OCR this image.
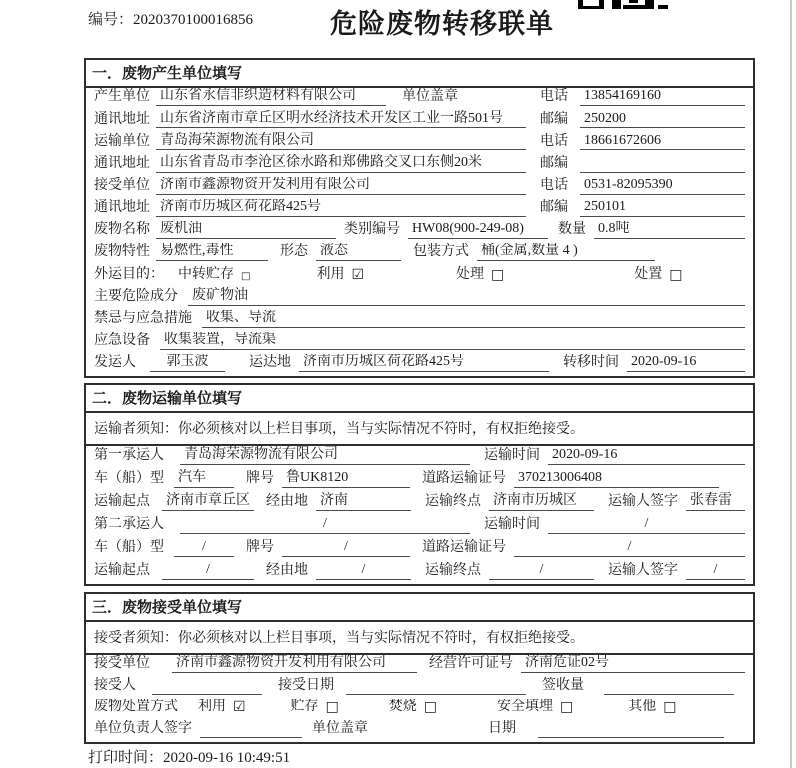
编号：2020370100016856	危险废物转移联单
一．废物产生单位填写
产生单位 山东省永信非织造材料有限公司	单位盖章	电话 13854169160
通讯地址 山东省济南市章丘区明水经济技术开发区工业一路501号	邮编 250200
运输单位 青岛海荣源物流有限公司	电话 18661672606
通讯地址 山东省青岛市李沧区徐水路和郑佛路交叉口东侧20米	邮编
接受单位 济南市鑫源物资开发利用有限公司	电话 0531-82095390
通讯地址 济南市历城区荷花路425号	邮编 250101
废物名称 废机油	类别编号 HW08(900-249-08)	数量 0.8吨
废物特性 易燃性,毒性	形态 液态	包装方式 桶(金属,数量 4 )
外运目的： 中转贮存 □	利用 ☑	处理 □	处置 □
主要危险成分 废矿物油
禁忌与应急措施 收集、导流
应急设备 收集装置，导流渠
发运人	郭玉波	运达地 济南市历城区荷花路425号	转移时间 2020-09-16
二．废物运输单位填写
运输者须知：你必须核对以上栏目事项，当与实际情况不符时，有权拒绝接受。
第一承运人	青岛海荣源物流有限公司	运输时间 2020-09-16
车（船）型 汽车	牌号 鲁UK8120	道路运输证号 370213006408
运输起点 济南市章丘区 经由地 济南	运输终点 济南市历城区	运输人签字 张春雷
第二承运人	/	运输时间	/
车（船）型	/	牌号	/	道路运输证号	/
运输起点	/	经由地	/	运输终点	/	运输人签字	/
三．废物接受单位填写
接受者须知：你必须核对以上栏目事项，当与实际情况不符时，有权拒绝接受。
接受单位 济南市鑫源物资开发利用有限公司	经营许可证号 济南危证02号
接受人	接受日期	签收量
废物处置方式 利用 ☑	贮存 □	焚烧 □	安全填埋 □	其他 □
单位负责人签字	单位盖章	日期
打印时间：2020-09-16 10:49:51
